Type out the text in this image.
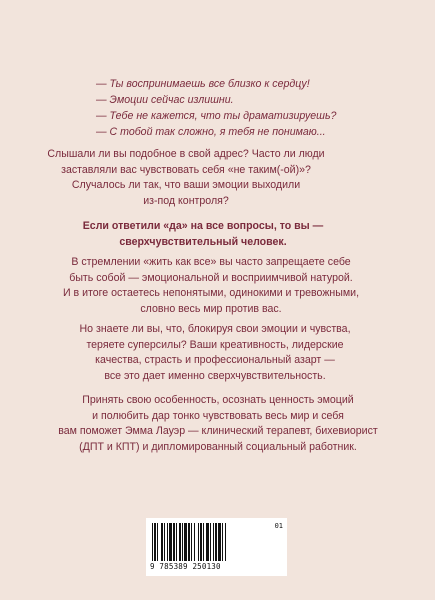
— Ты воспринимаешь все близко к сердцу!
— Эмоции сейчас излишни.
— Тебе не кажется, что ты драматизируешь?
— С тобой так сложно, я тебя не понимаю...
Слышали ли вы подобное в свой адрес? Часто ли люди
заставляли вас чувствовать себя «не таким(-ой)»?
Случалось ли так, что ваши эмоции выходили
из-под контроля?
Если ответили «да» на все вопросы, то вы —
сверхчувствительный человек.
В стремлении «жить как все» вы часто запрещаете себе
быть собой — эмоциональной и восприимчивой натурой.
И в итоге остаетесь непонятыми, одинокими и тревожными,
словно весь мир против вас.
Но знаете ли вы, что, блокируя свои эмоции и чувства,
теряете суперсилы? Ваши креативность, лидерские
качества, страсть и профессиональный азарт —
все это дает именно сверхчувствительность.
Принять свою особенность, осознать ценность эмоций
и полюбить дар тонко чувствовать весь мир и себя
вам поможет Эмма Лауэр — клинический терапевт, бихевиорист
(ДПТ и КПТ) и дипломированный социальный работник.
01
9 785389 250130
